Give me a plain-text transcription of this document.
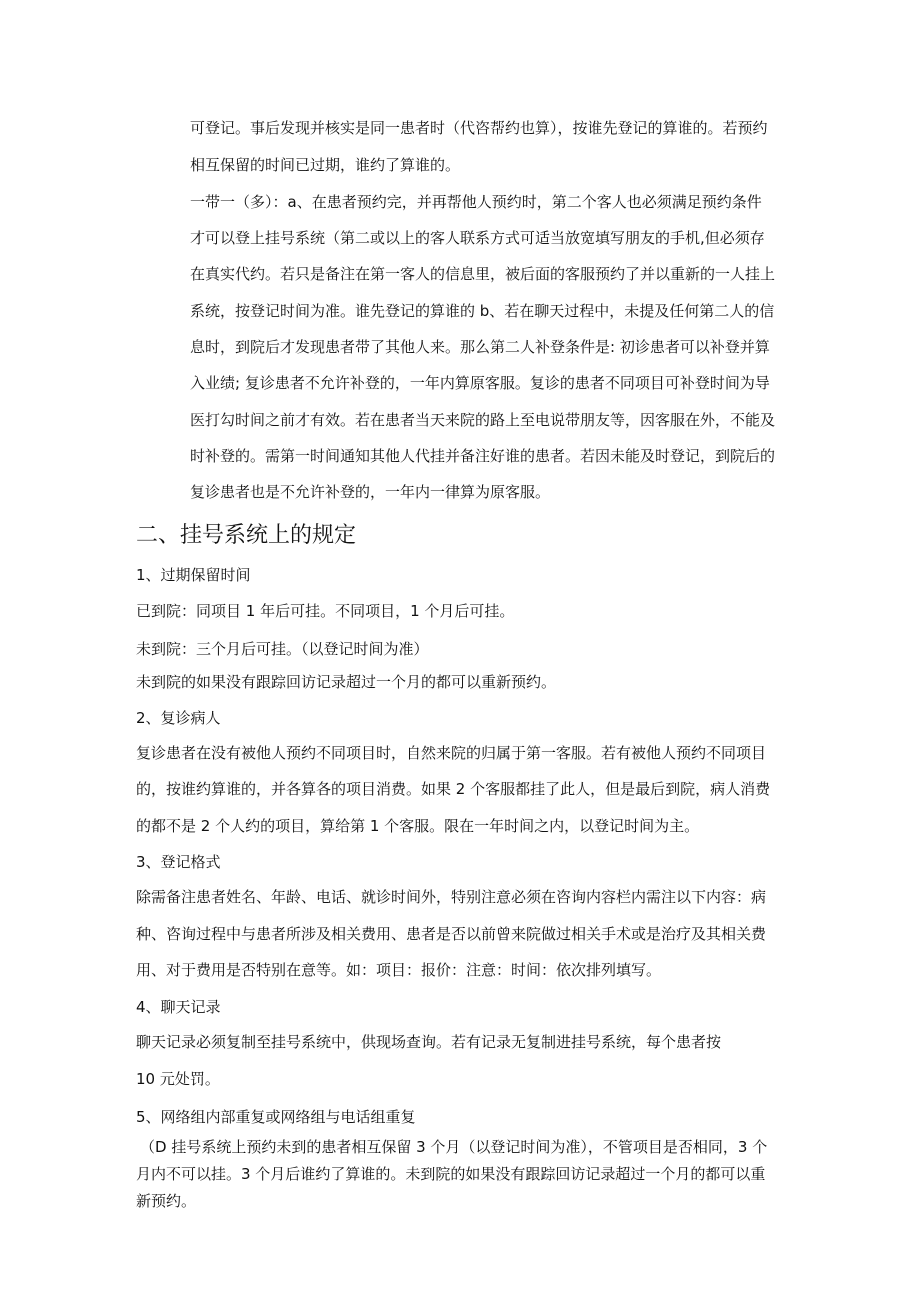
可登记。事后发现并核实是同一患者时（代咨帮约也算），按谁先登记的算谁的。若预约
相互保留的时间已过期，谁约了算谁的。
一带一（多）：a、在患者预约完，并再帮他人预约时，第二个客人也必须满足预约条件
才可以登上挂号系统（第二或以上的客人联系方式可适当放宽填写朋友的手机,但必须存
在真实代约。若只是备注在第一客人的信息里，被后面的客服预约了并以重新的一人挂上
系统，按登记时间为准。谁先登记的算谁的 b、若在聊天过程中，未提及任何第二人的信
息时，到院后才发现患者带了其他人来。那么第二人补登条件是: 初诊患者可以补登并算
入业绩; 复诊患者不允许补登的，一年内算原客服。复诊的患者不同项目可补登时间为导
医打勾时间之前才有效。若在患者当天来院的路上至电说带朋友等，因客服在外，不能及
时补登的。需第一时间通知其他人代挂并备注好谁的患者。若因未能及时登记，到院后的
复诊患者也是不允许补登的，一年内一律算为原客服。
二、挂号系统上的规定
1、过期保留时间
已到院：同项目 1 年后可挂。不同项目，1 个月后可挂。
未到院：三个月后可挂。（以登记时间为准）
未到院的如果没有跟踪回访记录超过一个月的都可以重新预约。
2、复诊病人
复诊患者在没有被他人预约不同项目时，自然来院的归属于第一客服。若有被他人预约不同项目
的，按谁约算谁的，并各算各的项目消费。如果 2 个客服都挂了此人，但是最后到院，病人消费
的都不是 2 个人约的项目，算给第 1 个客服。限在一年时间之内，以登记时间为主。
3、登记格式
除需备注患者姓名、年龄、电话、就诊时间外，特别注意必须在咨询内容栏内需注以下内容：病
种、咨询过程中与患者所涉及相关费用、患者是否以前曾来院做过相关手术或是治疗及其相关费
用、对于费用是否特别在意等。如：项目：报价：注意：时间：依次排列填写。
4、聊天记录
聊天记录必须复制至挂号系统中，供现场查询。若有记录无复制进挂号系统，每个患者按
10 元处罚。
5、网络组内部重复或网络组与电话组重复
（D 挂号系统上预约未到的患者相互保留 3 个月（以登记时间为准），不管项目是否相同，3 个
月内不可以挂。3 个月后谁约了算谁的。未到院的如果没有跟踪回访记录超过一个月的都可以重
新预约。
